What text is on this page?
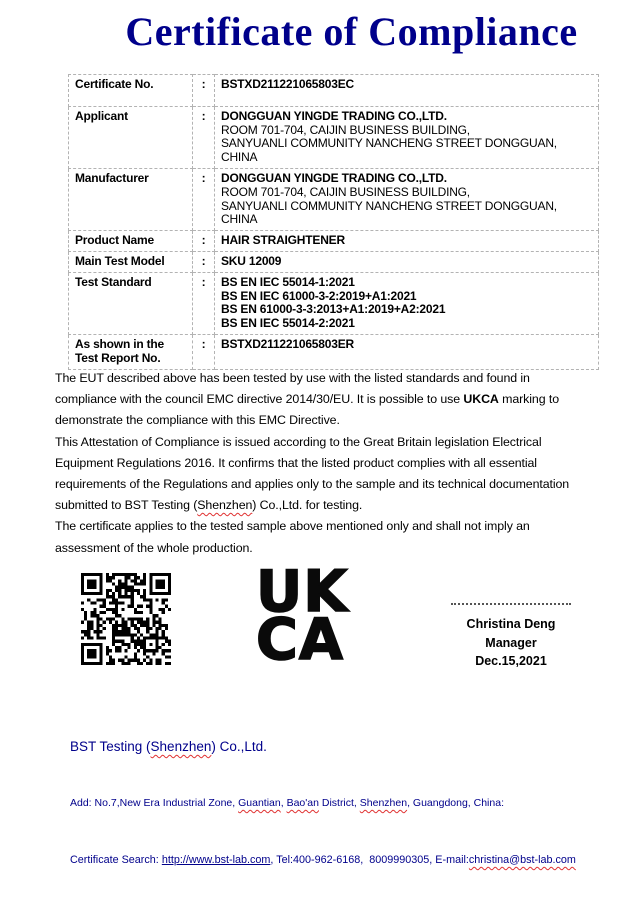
Certificate of Compliance
Certificate No.	:	BSTXD211221065803EC

Applicant	:	DONGGUAN YINGDE TRADING CO.,LTD.
ROOM 701-704, CAIJIN BUSINESS BUILDING,
SANYUANLI COMMUNITY NANCHENG STREET DONGGUAN,
CHINA

Manufacturer	:	DONGGUAN YINGDE TRADING CO.,LTD.
ROOM 701-704, CAIJIN BUSINESS BUILDING,
SANYUANLI COMMUNITY NANCHENG STREET DONGGUAN,
CHINA

Product Name	:	HAIR STRAIGHTENER

Main Test Model	:	SKU 12009

Test Standard	:	BS EN IEC 55014-1:2021
BS EN IEC 61000-3-2:2019+A1:2021
BS EN 61000-3-3:2013+A1:2019+A2:2021
BS EN IEC 55014-2:2021

As shown in the Test Report No.	:	BSTXD211221065803ER

The EUT described above has been tested by use with the listed standards and found in compliance with the council EMC directive 2014/30/EU. It is possible to use UKCA marking to demonstrate the compliance with this EMC Directive.

This Attestation of Compliance is issued according to the Great Britain legislation Electrical Equipment Regulations 2016. It confirms that the listed product complies with all essential requirements of the Regulations and applies only to the sample and its technical documentation submitted to BST Testing (Shenzhen) Co.,Ltd. for testing.

The certificate applies to the tested sample above mentioned only and shall not imply an assessment of the whole production.

UK
CA	Christina Deng
Manager
Dec.15,2021

BST Testing (Shenzhen) Co.,Ltd.

Add: No.7,New Era Industrial Zone, Guantian, Bao'an District, Shenzhen, Guangdong, China:

Certificate Search: http://www.bst-lab.com, Tel:400-962-6168,  8009990305, E-mail:christina@bst-lab.com
